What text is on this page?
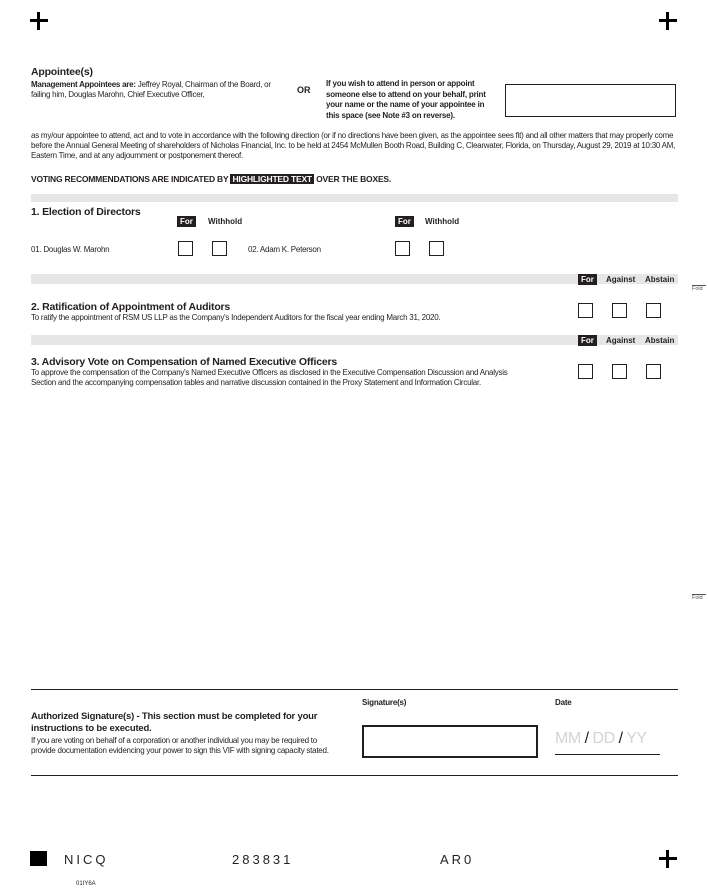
Appointee(s)
Management Appointees are: Jeffrey Royal, Chairman of the Board, or failing him, Douglas Marohn, Chief Executive Officer,	OR
If you wish to attend in person or appoint someone else to attend on your behalf, print your name or the name of your appointee in this space (see Note #3 on reverse).
as my/our appointee to attend, act and to vote in accordance with the following direction (or if no directions have been given, as the appointee sees fit) and all other matters that may properly come before the Annual General Meeting of shareholders of Nicholas Financial, Inc. to be held at 2454 McMullen Booth Road, Building C, Clearwater, Florida, on Thursday, August 29, 2019 at 10:30 AM, Eastern Time, and at any adjournment or postponement thereof.
VOTING RECOMMENDATIONS ARE INDICATED BY HIGHLIGHTED TEXT OVER THE BOXES.
1. Election of Directors
For	Withhold	For	Withhold
01. Douglas W. Marohn	02. Adam K. Peterson
For	Against Abstain
Fold
2. Ratification of Appointment of Auditors
To ratify the appointment of RSM US LLP as the Company's Independent Auditors for the fiscal year ending March 31, 2020.
For	Against Abstain
3. Advisory Vote on Compensation of Named Executive Officers
To approve the compensation of the Company's Named Executive Officers as disclosed in the Executive Compensation Discussion and Analysis Section and the accompanying compensation tables and narrative discussion contained in the Proxy Statement and Information Circular.
Fold
Signature(s)	Date
Authorized Signature(s) - This section must be completed for your instructions to be executed.
If you are voting on behalf of a corporation or another individual you may be required to provide documentation evidencing your power to sign this VIF with signing capacity stated.
MM / DD / YY
NICQ	283831	AR0
01IY6A
